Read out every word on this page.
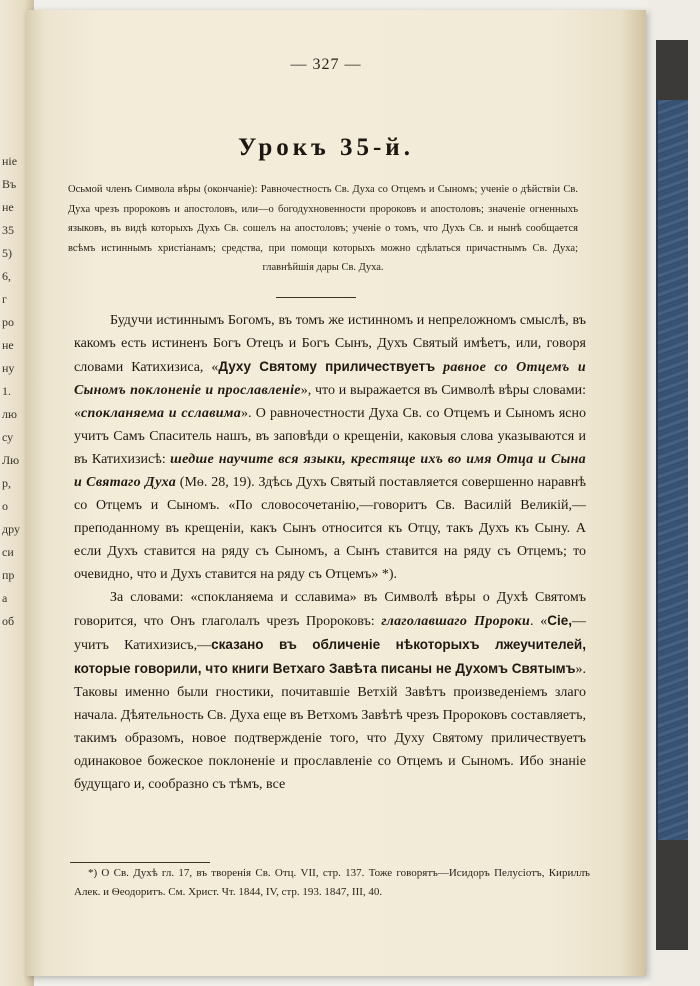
ніе
Въ
не
35
5)
6,
г
ро
не
ну
1.
лю
су
Лю
р,
о
дру
си
пр
а
об
— 327 —
Урокъ 35-й.
Осьмой членъ Символа вѣры (окончаніе): Равночестность Св. Духа со Отцемъ и Сыномъ; ученіе о дѣйствіи Св. Духа чрезъ пророковъ и апостоловъ, или—о богодухновенности пророковъ и апостоловъ; значеніе огненныхъ языковъ, въ видѣ которыхъ Духъ Св. сошелъ на апостоловъ; ученіе о томъ, что Духъ Св. и нынѣ сообщается всѣмъ истиннымъ христіанамъ; средства, при помощи которыхъ можно сдѣлаться причастнымъ Св. Духа; главнѣйшія дары Св. Духа.

Будучи истиннымъ Богомъ, въ томъ же истинномъ и непреложномъ смыслѣ, въ какомъ есть истиненъ Богъ Отецъ и Богъ Сынъ, Духъ Святый имѣетъ, или, говоря словами Катихизиса, «Духу Святому приличествуетъ равное со Отцемъ и Сыномъ поклоненіе и прославленіе», что и выражается въ Символѣ вѣры словами: «спокланяема и сславима». О равночестности Духа Св. со Отцемъ и Сыномъ ясно учитъ Самъ Спаситель нашъ, въ заповѣди о крещеніи, каковыя слова указываются и въ Катихизисѣ: шедше научите вся языки, крестяще ихъ во имя Отца и Сына и Святаго Духа (Мѳ. 28, 19). Здѣсь Духъ Святый поставляется совершенно наравнѣ со Отцемъ и Сыномъ. «По словосочетанію,—говоритъ Св. Василій Великій,—преподанному въ крещеніи, какъ Сынъ относится къ Отцу, такъ Духъ къ Сыну. А если Духъ ставится на ряду съ Сыномъ, а Сынъ ставится на ряду съ Отцемъ; то очевидно, что и Духъ ставится на ряду съ Отцемъ» *).

За словами: «спокланяема и сславима» въ Символѣ вѣры о Духѣ Святомъ говорится, что Онъ глаголалъ чрезъ Пророковъ: глаголавшаго Пророки. «Сіе,—учитъ Катихизисъ,—сказано въ обличеніе нѣкоторыхъ лжеучителей, которые говорили, что книги Ветхаго Завѣта писаны не Духомъ Святымъ». Таковы именно были гностики, почитавшіе Ветхій Завѣтъ произведеніемъ злаго начала. Дѣятельность Св. Духа еще въ Ветхомъ Завѣтѣ чрезъ Пророковъ составляетъ, такимъ образомъ, новое подтвержденіе того, что Духу Святому приличествуетъ одинаковое божеское поклоненіе и прославленіе со Отцемъ и Сыномъ. Ибо знаніе будущаго и, сообразно съ тѣмъ, все

*) О Св. Духѣ гл. 17, въ творенія Св. Отц. VII, стр. 137. Тоже говорятъ—Исидоръ Пелусіотъ, Кириллъ Алек. и Ѳеодоритъ. См. Христ. Чт. 1844, IV, стр. 193. 1847, III, 40.
